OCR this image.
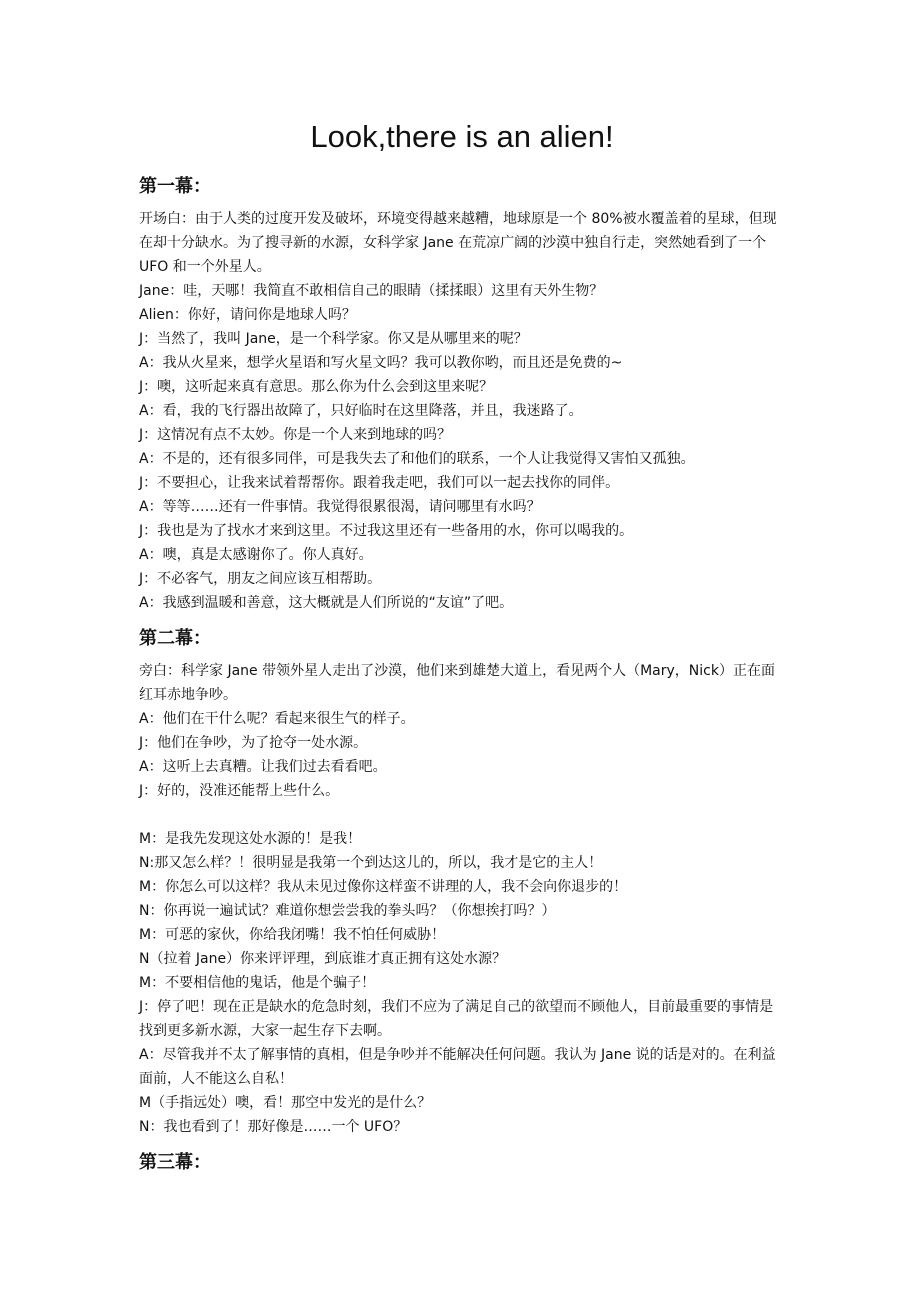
Look,there is an alien!
第一幕：

开场白：由于人类的过度开发及破坏，环境变得越来越糟，地球原是一个 80%被水覆盖着的星球，但现在却十分缺水。为了搜寻新的水源，女科学家 Jane 在荒凉广阔的沙漠中独自行走，突然她看到了一个 UFO 和一个外星人。

Jane：哇，天哪！我简直不敢相信自己的眼睛（揉揉眼）这里有天外生物？

Alien：你好，请问你是地球人吗？

J：当然了，我叫 Jane，是一个科学家。你又是从哪里来的呢？

A：我从火星来，想学火星语和写火星文吗？我可以教你哟，而且还是免费的~

J：噢，这听起来真有意思。那么你为什么会到这里来呢？

A：看，我的飞行器出故障了，只好临时在这里降落，并且，我迷路了。

J：这情况有点不太妙。你是一个人来到地球的吗？

A：不是的，还有很多同伴，可是我失去了和他们的联系，一个人让我觉得又害怕又孤独。

J：不要担心，让我来试着帮帮你。跟着我走吧，我们可以一起去找你的同伴。

A：等等……还有一件事情。我觉得很累很渴，请问哪里有水吗？

J：我也是为了找水才来到这里。不过我这里还有一些备用的水，你可以喝我的。

A：噢，真是太感谢你了。你人真好。

J：不必客气，朋友之间应该互相帮助。

A：我感到温暖和善意，这大概就是人们所说的“友谊”了吧。

第二幕：

旁白：科学家 Jane 带领外星人走出了沙漠，他们来到雄楚大道上，看见两个人（Mary，Nick）正在面红耳赤地争吵。

A：他们在干什么呢？看起来很生气的样子。

J：他们在争吵，为了抢夺一处水源。

A：这听上去真糟。让我们过去看看吧。

J：好的，没准还能帮上些什么。

M：是我先发现这处水源的！是我！

N:那又怎么样？！很明显是我第一个到达这儿的，所以，我才是它的主人！

M：你怎么可以这样？我从未见过像你这样蛮不讲理的人，我不会向你退步的！

N：你再说一遍试试？难道你想尝尝我的拳头吗？（你想挨打吗？）

M：可恶的家伙，你给我闭嘴！我不怕任何威胁！

N（拉着 Jane）你来评评理，到底谁才真正拥有这处水源？

M：不要相信他的鬼话，他是个骗子！

J：停了吧！现在正是缺水的危急时刻，我们不应为了满足自己的欲望而不顾他人，目前最重要的事情是找到更多新水源，大家一起生存下去啊。

A：尽管我并不太了解事情的真相，但是争吵并不能解决任何问题。我认为 Jane 说的话是对的。在利益面前，人不能这么自私！

M（手指远处）噢，看！那空中发光的是什么？

N：我也看到了！那好像是……一个 UFO？

第三幕：
